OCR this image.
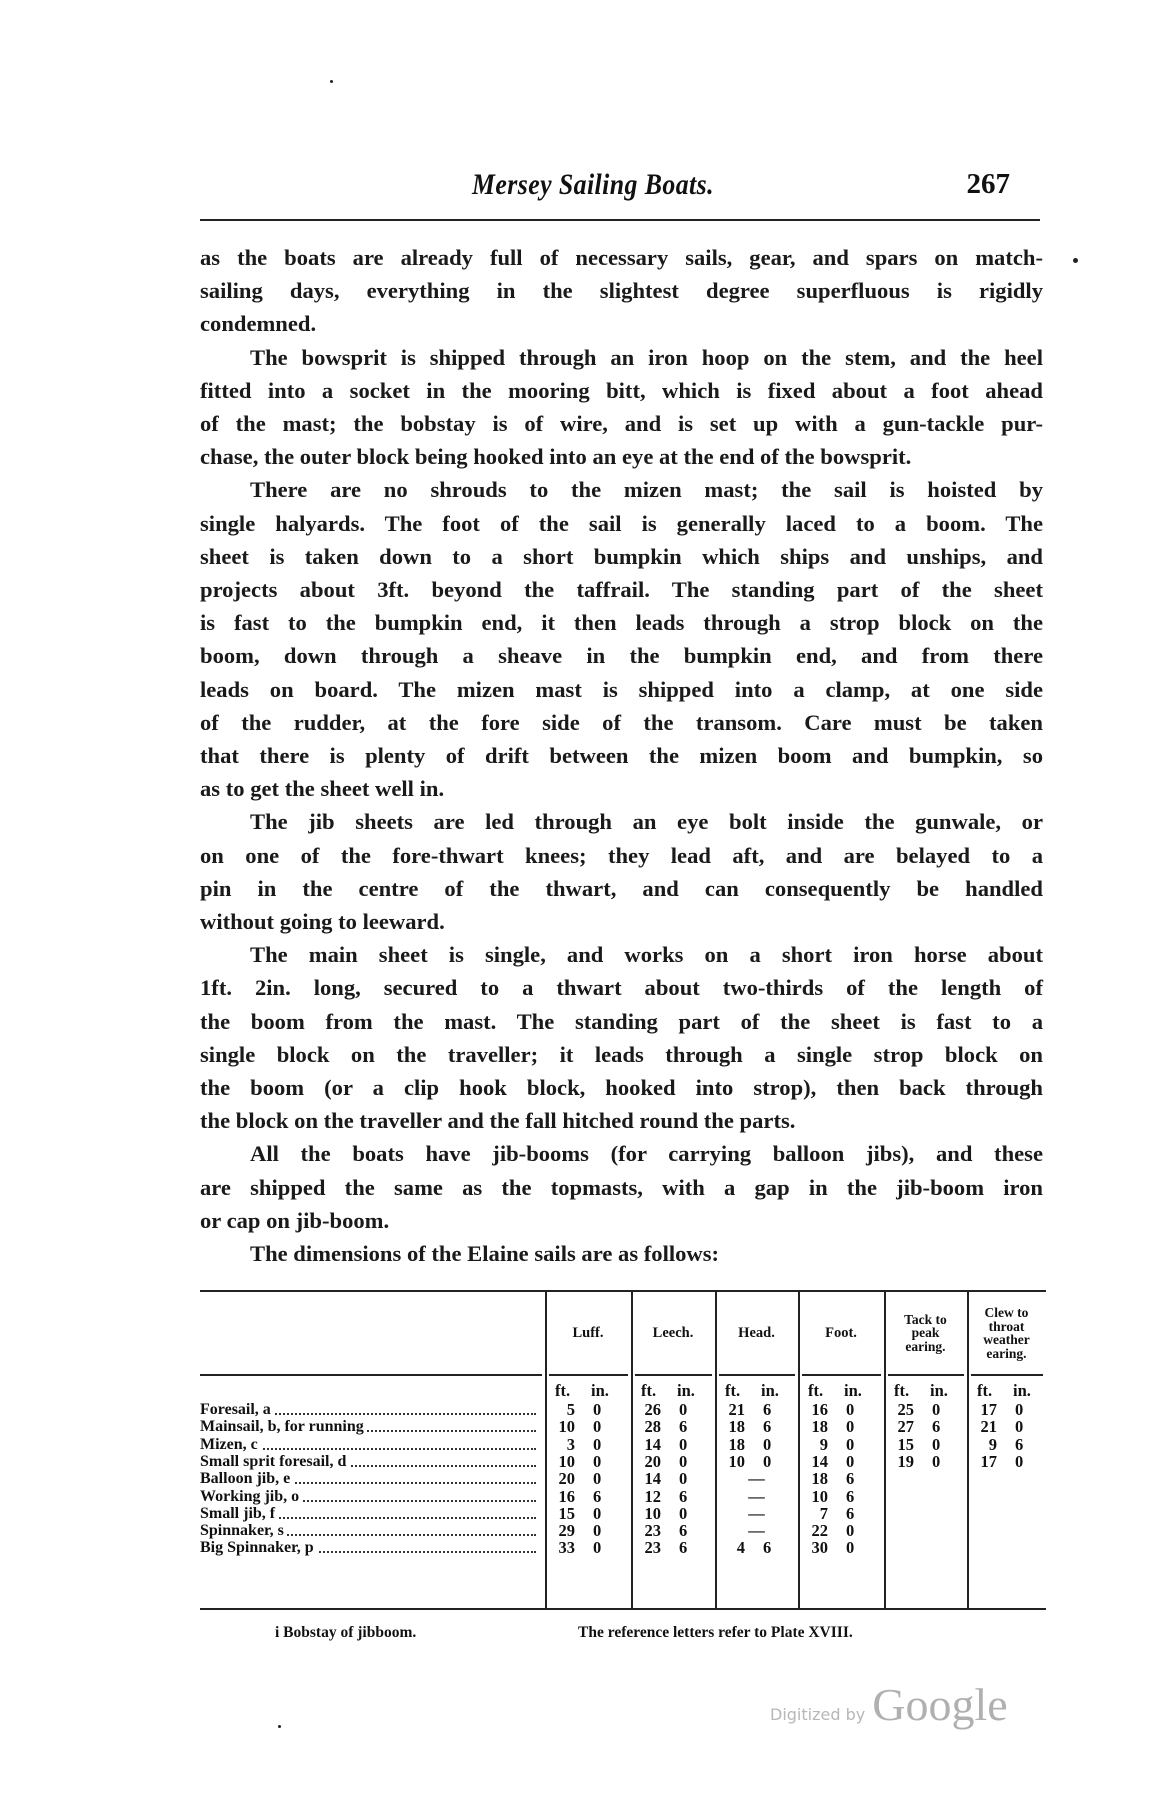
Mersey Sailing Boats.	267

as the boats are already full of necessary sails, gear, and spars on match-
sailing days, everything in the slightest degree superfluous is rigidly
condemned.

The bowsprit is shipped through an iron hoop on the stem, and the heel
fitted into a socket in the mooring bitt, which is fixed about a foot ahead
of the mast; the bobstay is of wire, and is set up with a gun-tackle pur-
chase, the outer block being hooked into an eye at the end of the bowsprit.

There are no shrouds to the mizen mast; the sail is hoisted by
single halyards. The foot of the sail is generally laced to a boom. The
sheet is taken down to a short bumpkin which ships and unships, and
projects about 3ft. beyond the taffrail. The standing part of the sheet
is fast to the bumpkin end, it then leads through a strop block on the
boom, down through a sheave in the bumpkin end, and from there
leads on board. The mizen mast is shipped into a clamp, at one side
of the rudder, at the fore side of the transom. Care must be taken
that there is plenty of drift between the mizen boom and bumpkin, so
as to get the sheet well in.

The jib sheets are led through an eye bolt inside the gunwale, or
on one of the fore-thwart knees; they lead aft, and are belayed to a
pin in the centre of the thwart, and can consequently be handled
without going to leeward.

The main sheet is single, and works on a short iron horse about
1ft. 2in. long, secured to a thwart about two-thirds of the length of
the boom from the mast. The standing part of the sheet is fast to a
single block on the traveller; it leads through a single strop block on
the boom (or a clip hook block, hooked into strop), then back through
the block on the traveller and the fall hitched round the parts.

All the boats have jib-booms (for carrying balloon jibs), and these
are shipped the same as the topmasts, with a gap in the jib-boom iron
or cap on jib-boom.

The dimensions of the Elaine sails are as follows:

Luff.	Leech.	Head.	Foot.
Tack to
peak
earing.
Clew to
throat
weather
earing.
ft. in. ft. in. ft. in. ft. in. ft. in. ft. in.
Foresail, a	5 0	26 0	21 6	16 0	25 0	17 0
Mainsail, b, for running	10 0	28 6	18 6	18 0	27 6	21 0
Mizen, c	3 0	14 0	18 0	9 0	15 0	9 6
Small sprit foresail, d	10 0	20 0	10 0	14 0	19 0	17 0
Balloon jib, e	20 0	14 0	—	18 6
Working jib, o	16 6	12 6	—	10 6
Small jib, f	15 0	10 0	—	7 6
Spinnaker, s	29 0	23 6	—	22 0
Big Spinnaker, p	33 0	23 6	4 6	30 0
i Bobstay of jibboom.	The reference letters refer to Plate XVIII.
Digitized by Google
